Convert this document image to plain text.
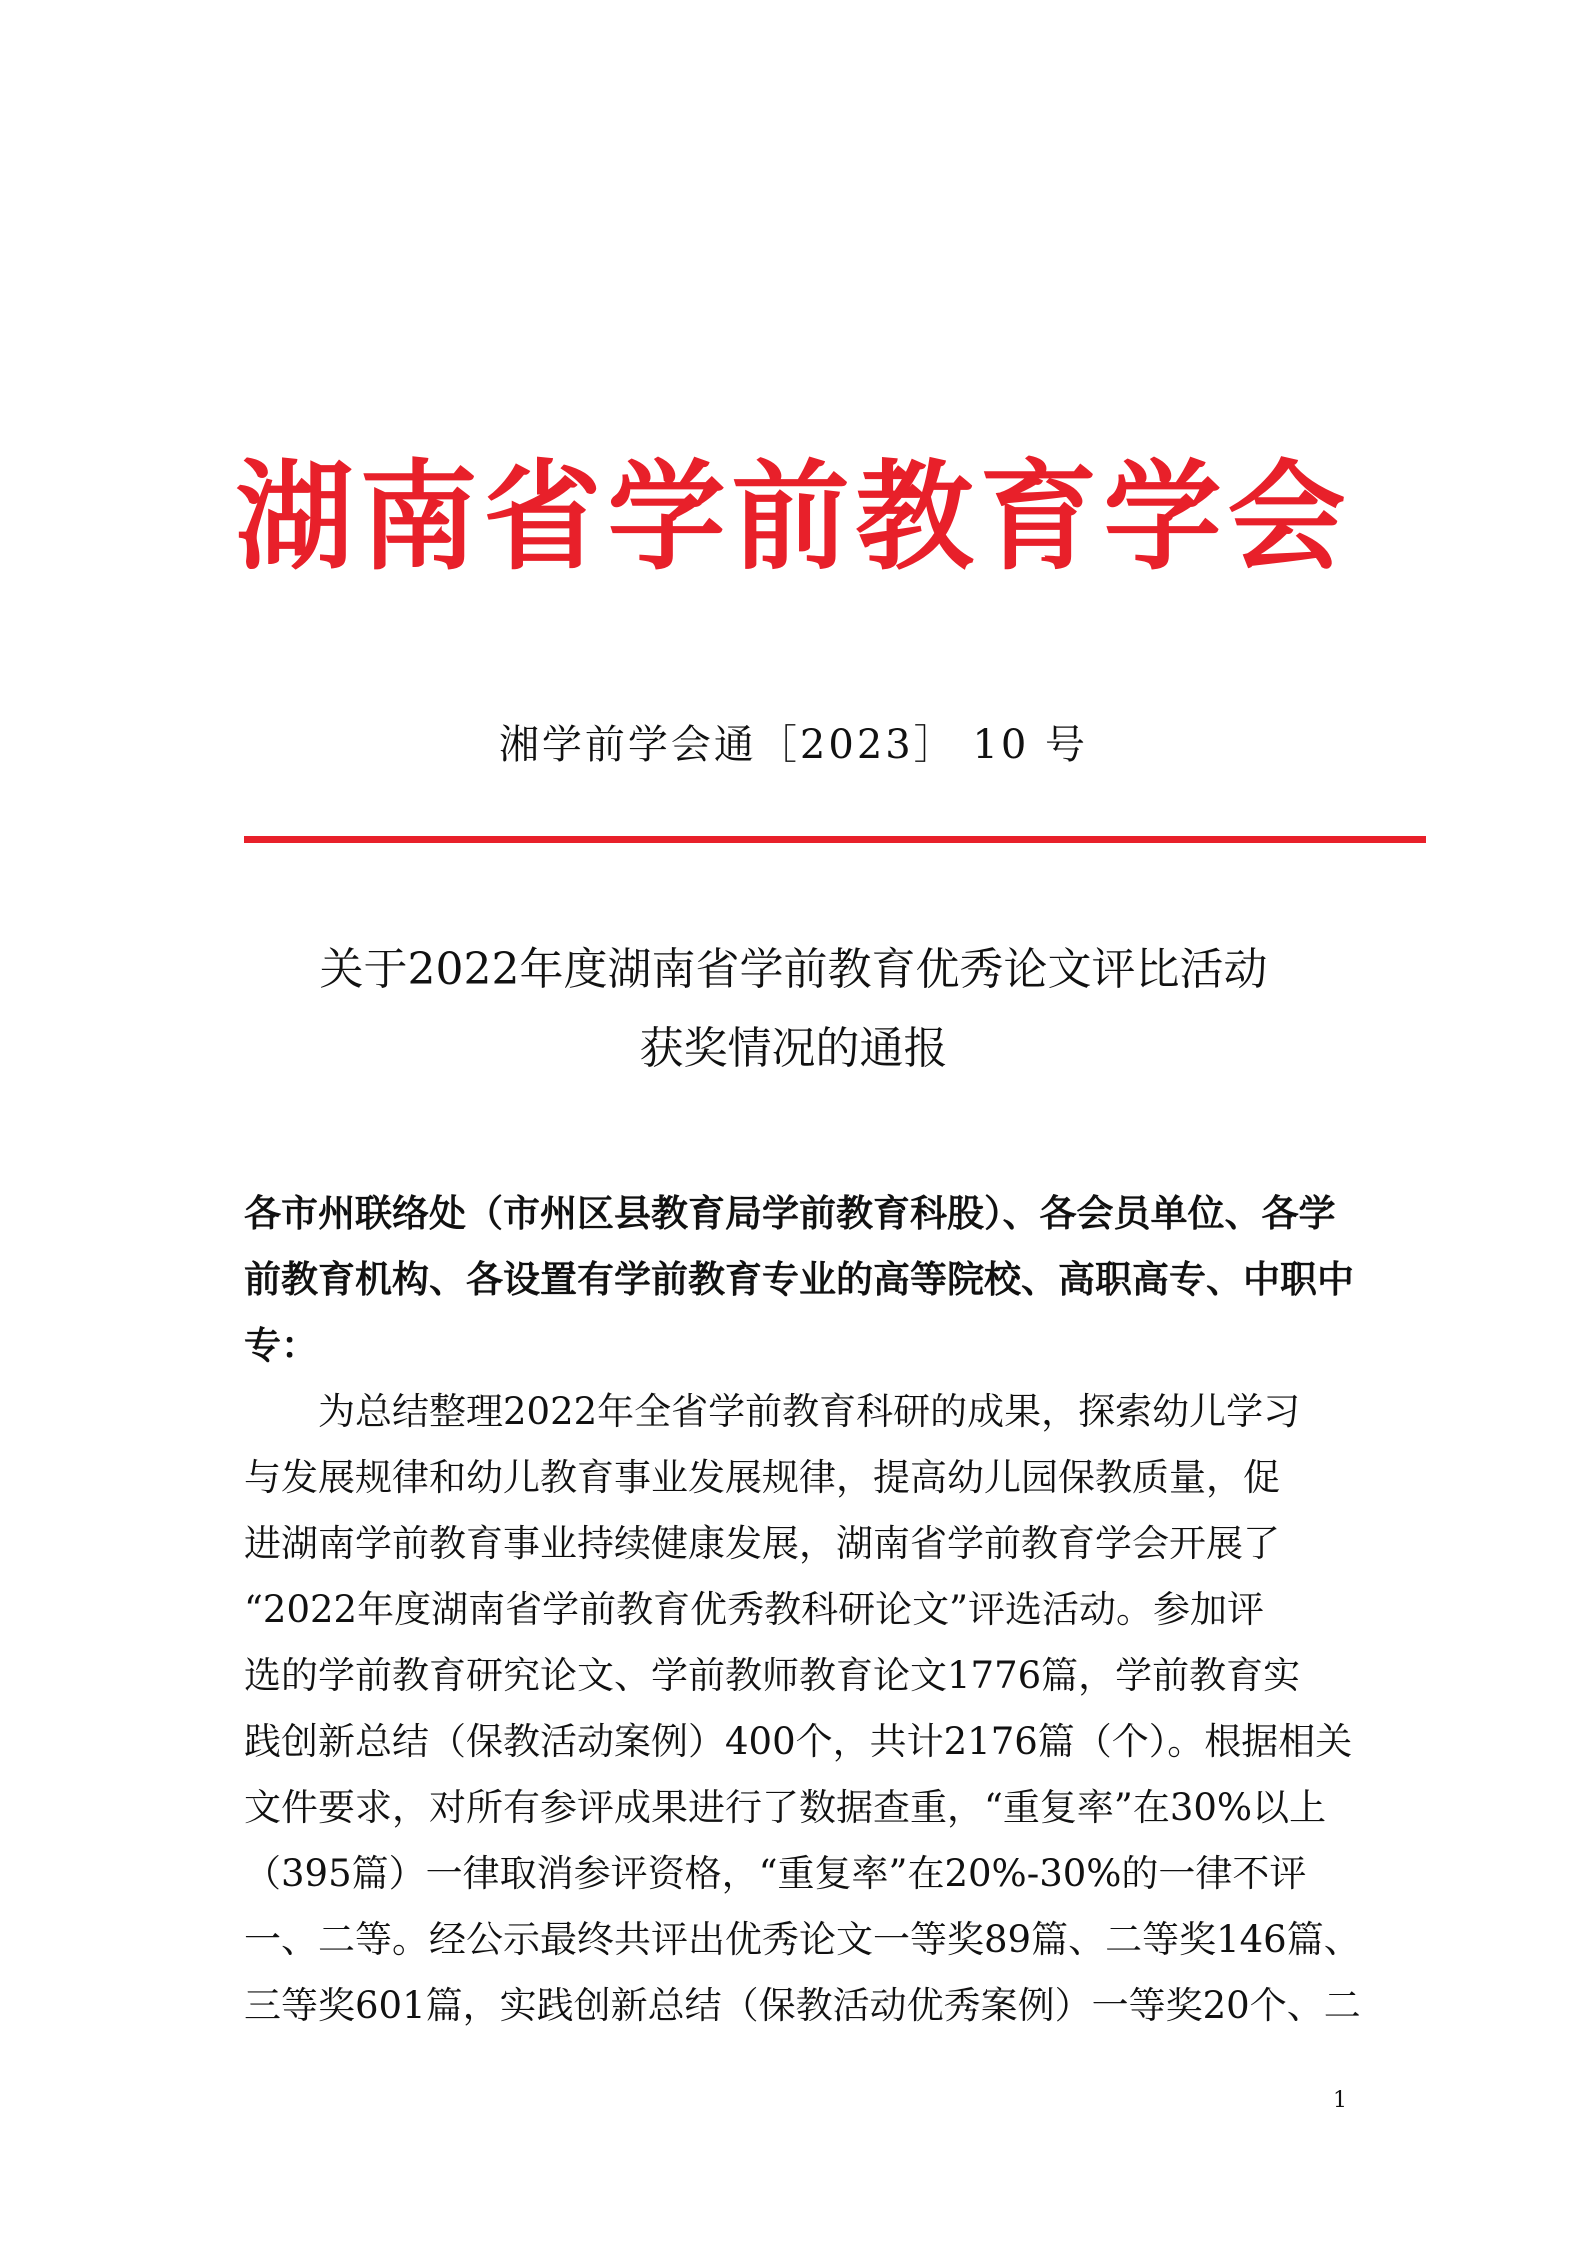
湖南省学前教育学会
湘学前学会通［2023］ 10 号
关于2022年度湖南省学前教育优秀论文评比活动
获奖情况的通报
各市州联络处（市州区县教育局学前教育科股）、各会员单位、各学
前教育机构、各设置有学前教育专业的高等院校、高职高专、中职中
专：
　　为总结整理2022年全省学前教育科研的成果，探索幼儿学习
与发展规律和幼儿教育事业发展规律，提高幼儿园保教质量，促
进湖南学前教育事业持续健康发展，湖南省学前教育学会开展了
“2022年度湖南省学前教育优秀教科研论文”评选活动。参加评
选的学前教育研究论文、学前教师教育论文1776篇，学前教育实
践创新总结（保教活动案例）400个，共计2176篇（个）。根据相关
文件要求，对所有参评成果进行了数据查重，“重复率”在30%以上
（395篇）一律取消参评资格，“重复率”在20%-30%的一律不评
一、二等。经公示最终共评出优秀论文一等奖89篇、二等奖146篇、
三等奖601篇，实践创新总结（保教活动优秀案例）一等奖20个、二
1
